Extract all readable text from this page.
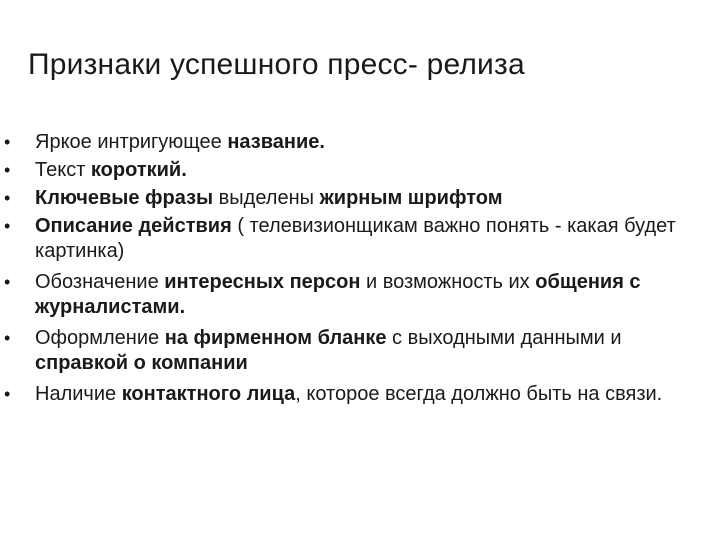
Признаки успешного пресс- релиза
• Яркое интригующее название.
• Текст короткий.
• Ключевые фразы выделены жирным шрифтом
• Описание действия ( телевизионщикам важно понять - какая будет картинка)
• Обозначение интересных персон и возможность их общения с журналистами.
• Оформление на фирменном бланке с выходными данными и справкой о компании
• Наличие контактного лица, которое всегда должно быть на связи.
